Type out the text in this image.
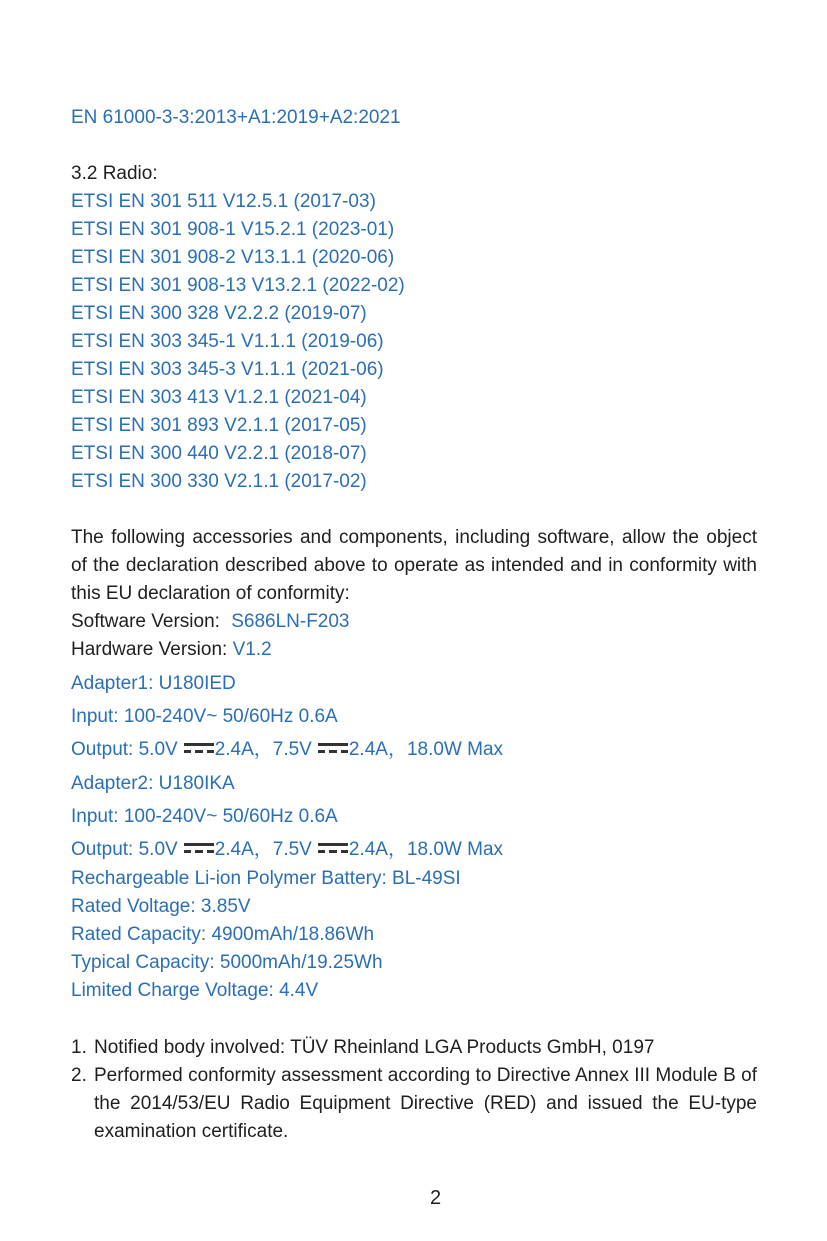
EN 61000-3-3:2013+A1:2019+A2:2021
3.2 Radio:
ETSI EN 301 511 V12.5.1 (2017-03)
ETSI EN 301 908-1 V15.2.1 (2023-01)
ETSI EN 301 908-2 V13.1.1 (2020-06)
ETSI EN 301 908-13 V13.2.1 (2022-02)
ETSI EN 300 328 V2.2.2 (2019-07)
ETSI EN 303 345-1 V1.1.1 (2019-06)
ETSI EN 303 345-3 V1.1.1 (2021-06)
ETSI EN 303 413 V1.2.1 (2021-04)
ETSI EN 301 893 V2.1.1 (2017-05)
ETSI EN 300 440 V2.2.1 (2018-07)
ETSI EN 300 330 V2.1.1 (2017-02)
The following accessories and components, including software, allow the object of the declaration described above to operate as intended and in conformity with this EU declaration of conformity:
Software Version: S686LN-F203
Hardware Version: V1.2
Adapter1: U180IED
Input: 100-240V~ 50/60Hz 0.6A
Output: 5.0V 2.4A，7.5V 2.4A，18.0W Max
Adapter2: U180IKA
Input: 100-240V~ 50/60Hz 0.6A
Output: 5.0V 2.4A，7.5V 2.4A，18.0W Max
Rechargeable Li-ion Polymer Battery: BL-49SI
Rated Voltage: 3.85V
Rated Capacity: 4900mAh/18.86Wh
Typical Capacity: 5000mAh/19.25Wh
Limited Charge Voltage: 4.4V
1. Notified body involved: TÜV Rheinland LGA Products GmbH, 0197
2. Performed conformity assessment according to Directive Annex III Module B of the 2014/53/EU Radio Equipment Directive (RED) and issued the EU-type examination certificate.
2
